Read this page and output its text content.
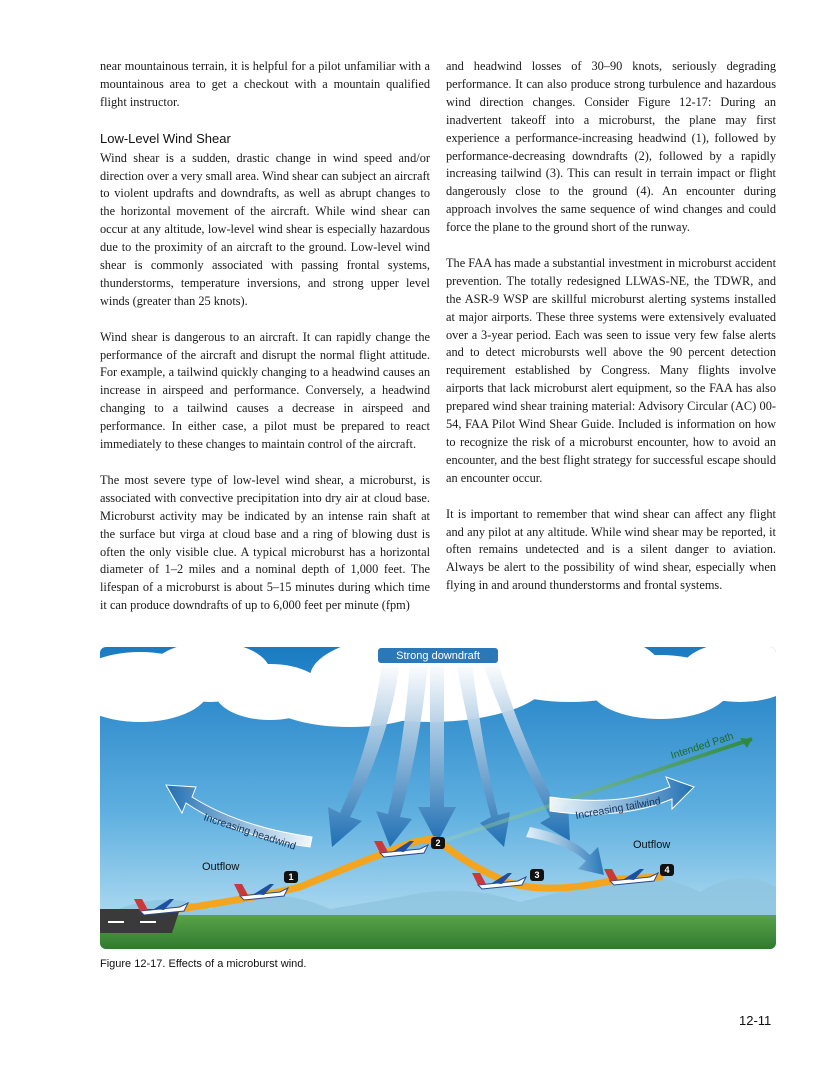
near mountainous terrain, it is helpful for a pilot unfamiliar with a mountainous area to get a checkout with a mountain qualified flight instructor.

Low-Level Wind Shear

Wind shear is a sudden, drastic change in wind speed and/or direction over a very small area. Wind shear can subject an aircraft to violent updrafts and downdrafts, as well as abrupt changes to the horizontal movement of the aircraft. While wind shear can occur at any altitude, low-level wind shear is especially hazardous due to the proximity of an aircraft to the ground. Low-level wind shear is commonly associated with passing frontal systems, thunderstorms, temperature inversions, and strong upper level winds (greater than 25 knots).

Wind shear is dangerous to an aircraft. It can rapidly change the performance of the aircraft and disrupt the normal flight attitude. For example, a tailwind quickly changing to a headwind causes an increase in airspeed and performance. Conversely, a headwind changing to a tailwind causes a decrease in airspeed and performance. In either case, a pilot must be prepared to react immediately to these changes to maintain control of the aircraft.

The most severe type of low-level wind shear, a microburst, is associated with convective precipitation into dry air at cloud base. Microburst activity may be indicated by an intense rain shaft at the surface but virga at cloud base and a ring of blowing dust is often the only visible clue. A typical microburst has a horizontal diameter of 1–2 miles and a nominal depth of 1,000 feet. The lifespan of a microburst is about 5–15 minutes during which time it can produce downdrafts of up to 6,000 feet per minute (fpm)

and headwind losses of 30–90 knots, seriously degrading performance. It can also produce strong turbulence and hazardous wind direction changes. Consider Figure 12-17: During an inadvertent takeoff into a microburst, the plane may first experience a performance-increasing headwind (1), followed by performance-decreasing downdrafts (2), followed by a rapidly increasing tailwind (3). This can result in terrain impact or flight dangerously close to the ground (4). An encounter during approach involves the same sequence of wind changes and could force the plane to the ground short of the runway.

The FAA has made a substantial investment in microburst accident prevention. The totally redesigned LLWAS-NE, the TDWR, and the ASR-9 WSP are skillful microburst alerting systems installed at major airports. These three systems were extensively evaluated over a 3-year period. Each was seen to issue very few false alerts and to detect microbursts well above the 90 percent detection requirement established by Congress. Many flights involve airports that lack microburst alert equipment, so the FAA has also prepared wind shear training material: Advisory Circular (AC) 00-54, FAA Pilot Wind Shear Guide. Included is information on how to recognize the risk of a microburst encounter, how to avoid an encounter, and the best flight strategy for successful escape should an encounter occur.

It is important to remember that wind shear can affect any flight and any pilot at any altitude. While wind shear may be reported, it often remains undetected and is a silent danger to aviation. Always be alert to the possibility of wind shear, especially when flying in and around thunderstorms and frontal systems.

1
2
3	4
Strong downdraft
Intended Path
Increasing headwind
Increasing tailwind
Outflow
Outflow
Figure 12-17. Effects of a microburst wind.
12-11
